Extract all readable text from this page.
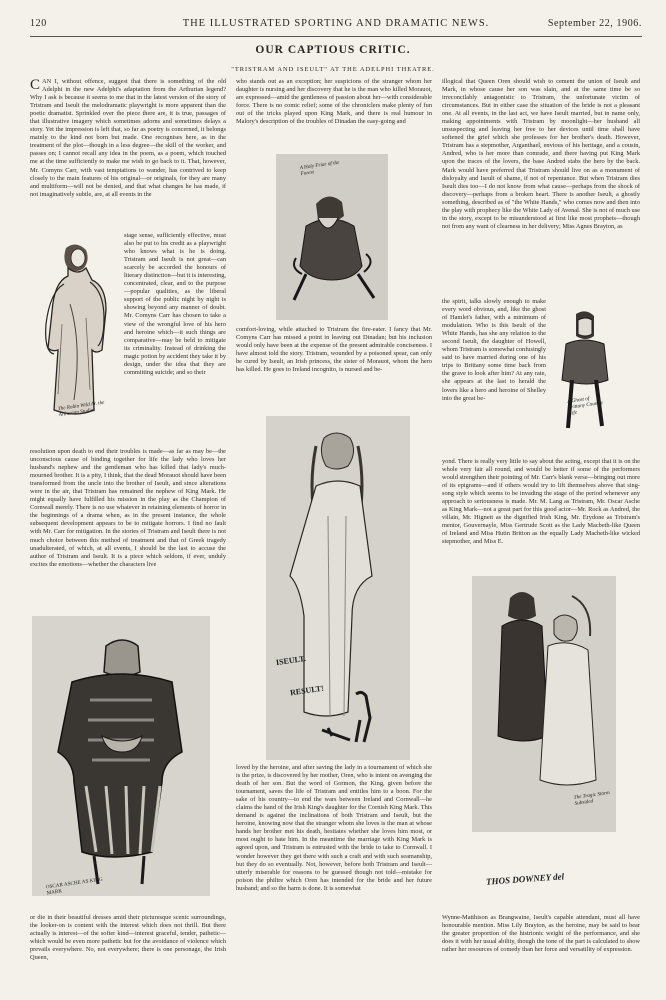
120	THE ILLUSTRATED SPORTING AND DRAMATIC NEWS.	September 22, 1906.
OUR CAPTIOUS CRITIC.
"TRISTRAM AND ISEULT" AT THE ADELPHI THEATRE.

CAN I, without offence, suggest that there is something of the old Adelphi in the new Adelphi's adaptation from the Arthurian legend? Why I ask is because it seems to me that in the latest version of the story of Tristram and Iseult the melodramatic playwright is more apparent than the poetic dramatist. Sprinkled over the piece there are, it is true, passages of that illustrative imagery which sometimes adorns and sometimes delays a story. Yet the impression is left that, so far as poetry is concerned, it belongs mainly to the kind not born but made. One recognises here, as in the treatment of the plot—though in a less degree—the skill of the worker, and passes on; I cannot recall any idea in the poem, as a poem, which touched me at the time sufficiently to make me wish to go back to it. That, however, Mr. Comyns Carr, with vast temptations to wander, has contrived to keep closely to the main features of his original—or originals, for they are many and multiform—will not be denied, and that what changes he has made, if not imaginatively subtle, are, at all events in the

The Robin Wild Ar. the Arthurian Studies

stage sense, sufficiently effective, must also be put to his credit as a playwright who knows what is he is doing. Tristram and Iseult is not great—can scarcely be accorded the honours of literary distinction—but it is interesting, concentrated, clear, and to the purpose—popular qualities, as the liberal support of the public night by night is showing beyond any manner of doubt. Mr. Comyns Carr has chosen to take a view of the wrongful love of his hero and heroine which—it such things are comparative—may be held to mitigate its criminality. Instead of drinking the magic potion by accident they take it by design, under the idea that they are committing suicide; and so their

resolution upon death to end their troubles is made—as far as may be—the unconscious cause of binding together for life the lady who loves her husband's nephew and the gentleman who has killed that lady's much-mourned brother. It is a pity, I think, that the dead Morauot should have been transformed from the uncle into the brother of Iseult, and since alterations were in the air, that Tristram has remained the nephew of King Mark. He might equally have fulfilled his mission in the play as the Champion of Cornwall merely. There is no use whatever in retaining elements of horror in the beginnings of a drama when, as in the present instance, the whole subsequent development appears to be to mitigate horrors. I find no fault with Mr. Carr for mitigation. In the stories of Tristram and Iseult there is not much choice between this method of treatment and that of Greek tragedy unadulterated, of which, at all events, I should be the last to accuse the author of Tristram and Iseult. It is a piece which seldom, if ever, unduly excites the emotions—whether the characters live

OSCAR ASCHE AS KING MARK

or die in their beautiful dresses amid their picturesque scenic surroundings, the looker-on is content with the interest which does not thrill. But there actually is interest—of the softer kind—interest graceful, tender, pathetic—which would be even more pathetic but for the avoidance of violence which prevails everywhere. No, not everywhere; there is one personage, the Irish Queen,

who stands out as an exception; her suspicions of the stranger whom her daughter is nursing and her discovery that he is the man who killed Morauot, are expressed—amid the gentleness of passion about her—with considerable force. There is no comic relief; some of the chroniclers make plenty of fun out of the tricks played upon King Mark, and there is real humour in Malory's description of the troubles of Dinadan the easy-going and

A Holy Friar of the Forest

comfort-loving, while attached to Tristram the fire-eater. I fancy that Mr. Comyns Carr has missed a point in leaving out Dinadan; but his inclusion would only have been at the expense of the present admirable conciseness. I have almost told the story. Tristram, wounded by a poisoned spear, can only be cured by Iseult, an Irish princess, the sister of Morauot, whom the hero has killed. He goes to Ireland incognito, is nursed and be-

ISEULT.
RESULT!

loved by the heroine, and after saving the lady in a tournament of which she is the prize, is discovered by her mother, Oren, who is intent on avenging the death of her son. But the word of Gormon, the King, given before the tournament, saves the life of Tristram and entitles him to a boon. For the sake of his country—to end the wars between Ireland and Cornwall—he claims the hand of the Irish King's daughter for the Cornish King Mark. This demand is against the inclinations of both Tristram and Iseult, but the heroine, knowing now that the stranger whom she loves is the man at whose hands her brother met his death, hesitates whether she loves him most, or most ought to hate him. In the meantime the marriage with King Mark is agreed upon, and Tristram is entrusted with the bride to take to Cornwall. I wonder however they get there with such a craft and with such seamanship, but they do so eventually. Not, however, before both Tristram and Iseult—utterly miserable for reasons to be guessed though not told—mistake for poison the philtre which Oren has intended for the bride and her future husband; and so the harm is done. It is somewhat

illogical that Queen Oren should wish to cement the union of Iseult and Mark, in whose cause her son was slain, and at the same time be so irreconcilably antagonistic to Tristram, the unfortunate victim of circumstances. But in either case the situation of the bride is not a pleasant one. At all events, in the last act, we have Iseult married, but in name only, making appointments with Tristram by moonlight—her husband all unsuspecting and leaving her free to her devices until time shall have softened the grief which she professes for her brother's death. However, Tristram has a stepmother, Arganthael, envious of his heritage, and a cousin, Andred, who is her more than comrade, and there having put King Mark upon the traces of the lovers, the base Andred stabs the hero by the back. Mark would have preferred that Tristram should live on as a monument of disloyalty and Iseult of shame, if not of repentance. But when Tristram dies Iseult dies too—I do not know from what cause—perhaps from the shock of discovery—perhaps from a broken heart. There is another Iseult, a ghostly something, described as of "the White Hands," who comes now and then into the play with prophecy like the White Lady of Avenal. She is not of much use in the story, except to be misunderstood at first like most prophets—though not from any want of clearness in her delivery; Miss Agnes Brayton, as

the spirit, talks slowly enough to make every word obvious, and, like the ghost of Hamlet's father, with a minimum of modulation. Who is this Iseult of the White Hands, has she any relation to the second Iseult, the daughter of Howell, whom Tristram is somewhat confusingly said to have married during one of his trips to Brittany some time back from the grave to look after him? At any rate, she appears at the last to herald the lovers like a hero and heroine of Shelley into the great be-	A Ghost of Brittany Country Life

yond. There is really very little to say about the acting, except that it is on the whole very fair all round, and would be better if some of the performers would strengthen their pointing of Mr. Carr's blank verse—bringing out more of its epigrams—and if others would try to lift themselves above that sing-song style which seems to be invading the stage of the period whenever any approach to seriousness is made. Mr. M. Lang as Tristram, Mr. Oscar Asche as King Mark—not a great part for this good actor—Mr. Rock as Andred, the villain, Mr. Hignett as the dignified Irish King, Mr. Erydone as Tristram's mentor, Gouvernayle, Miss Gertrude Scott as the Lady Macbeth-like Queen of Ireland and Miss Hutin Britton as the equally Lady Macbeth-like wicked stepmother, and Miss E.

The Tragic Storm Subsided
THOS DOWNEY del

Wynne-Matthison as Brangwaine, Iseult's capable attendant, must all have honourable mention. Miss Lily Brayton, as the heroine, may be said to bear the greater proportion of the histrionic weight of the performance, and she does it with her usual ability, though the tone of the part is calculated to show rather her resources of comedy than her force and versatility of expression.
